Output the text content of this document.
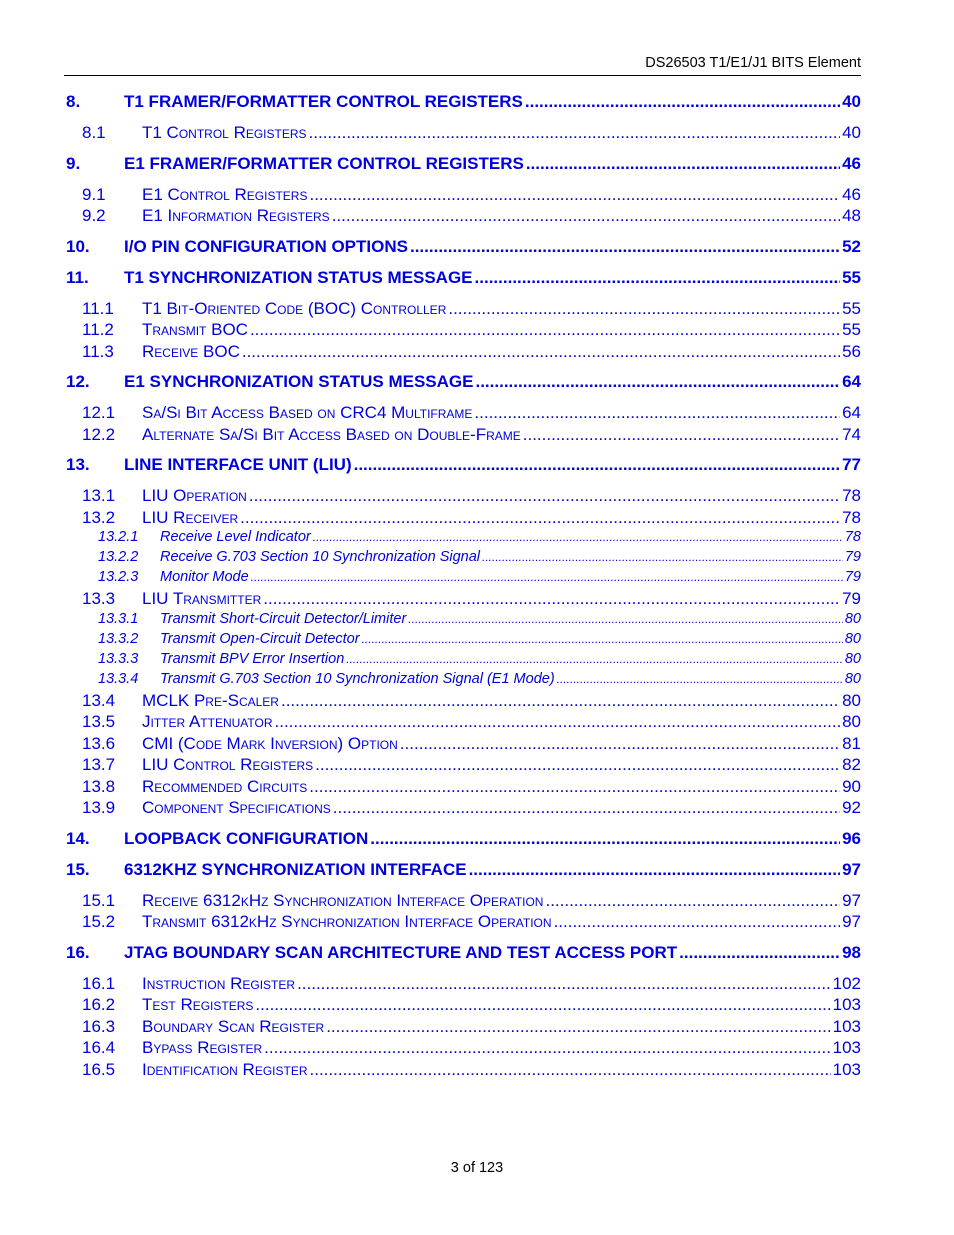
DS26503 T1/E1/J1 BITS Element
8.	T1 FRAMER/FORMATTER CONTROL REGISTERS .....	40
8.1	T1 Control Registers .....	40
9.	E1 FRAMER/FORMATTER CONTROL REGISTERS .....	46
9.1	E1 Control Registers .....	46
9.2	E1 Information Registers .....	48
10.	I/O PIN CONFIGURATION OPTIONS .....	52
11.	T1 SYNCHRONIZATION STATUS MESSAGE .....	55
11.1	T1 Bit-Oriented Code (BOC) Controller .....	55
11.2	Transmit BOC .....	55
11.3	Receive BOC .....	56
12.	E1 SYNCHRONIZATION STATUS MESSAGE .....	64
12.1	Sa/Si Bit Access Based on CRC4 Multiframe .....	64
12.2	Alternate Sa/Si Bit Access Based on Double-Frame .....	74
13.	LINE INTERFACE UNIT (LIU) .....	77
13.1	LIU Operation .....	78
13.2	LIU Receiver .....	78
13.2.1	Receive Level Indicator .....	78
13.2.2	Receive G.703 Section 10 Synchronization Signal .....	79
13.2.3	Monitor Mode .....	79
13.3	LIU Transmitter .....	79
13.3.1	Transmit Short-Circuit Detector/Limiter .....	80
13.3.2	Transmit Open-Circuit Detector .....	80
13.3.3	Transmit BPV Error Insertion .....	80
13.3.4	Transmit G.703 Section 10 Synchronization Signal (E1 Mode) .....	80
13.4	MCLK Pre-Scaler .....	80
13.5	Jitter Attenuator .....	80
13.6	CMI (Code Mark Inversion) Option .....	81
13.7	LIU Control Registers .....	82
13.8	Recommended Circuits .....	90
13.9	Component Specifications .....	92
14.	LOOPBACK CONFIGURATION .....	96
15.	6312KHZ SYNCHRONIZATION INTERFACE .....	97
15.1	Receive 6312kHz Synchronization Interface Operation .....	97
15.2	Transmit 6312kHz Synchronization Interface Operation .....	97
16.	JTAG BOUNDARY SCAN ARCHITECTURE AND TEST ACCESS PORT .....	98
16.1	Instruction Register .....	102
16.2	Test Registers .....	103
16.3	Boundary Scan Register .....	103
16.4	Bypass Register .....	103
16.5	Identification Register .....	103
3 of 123
